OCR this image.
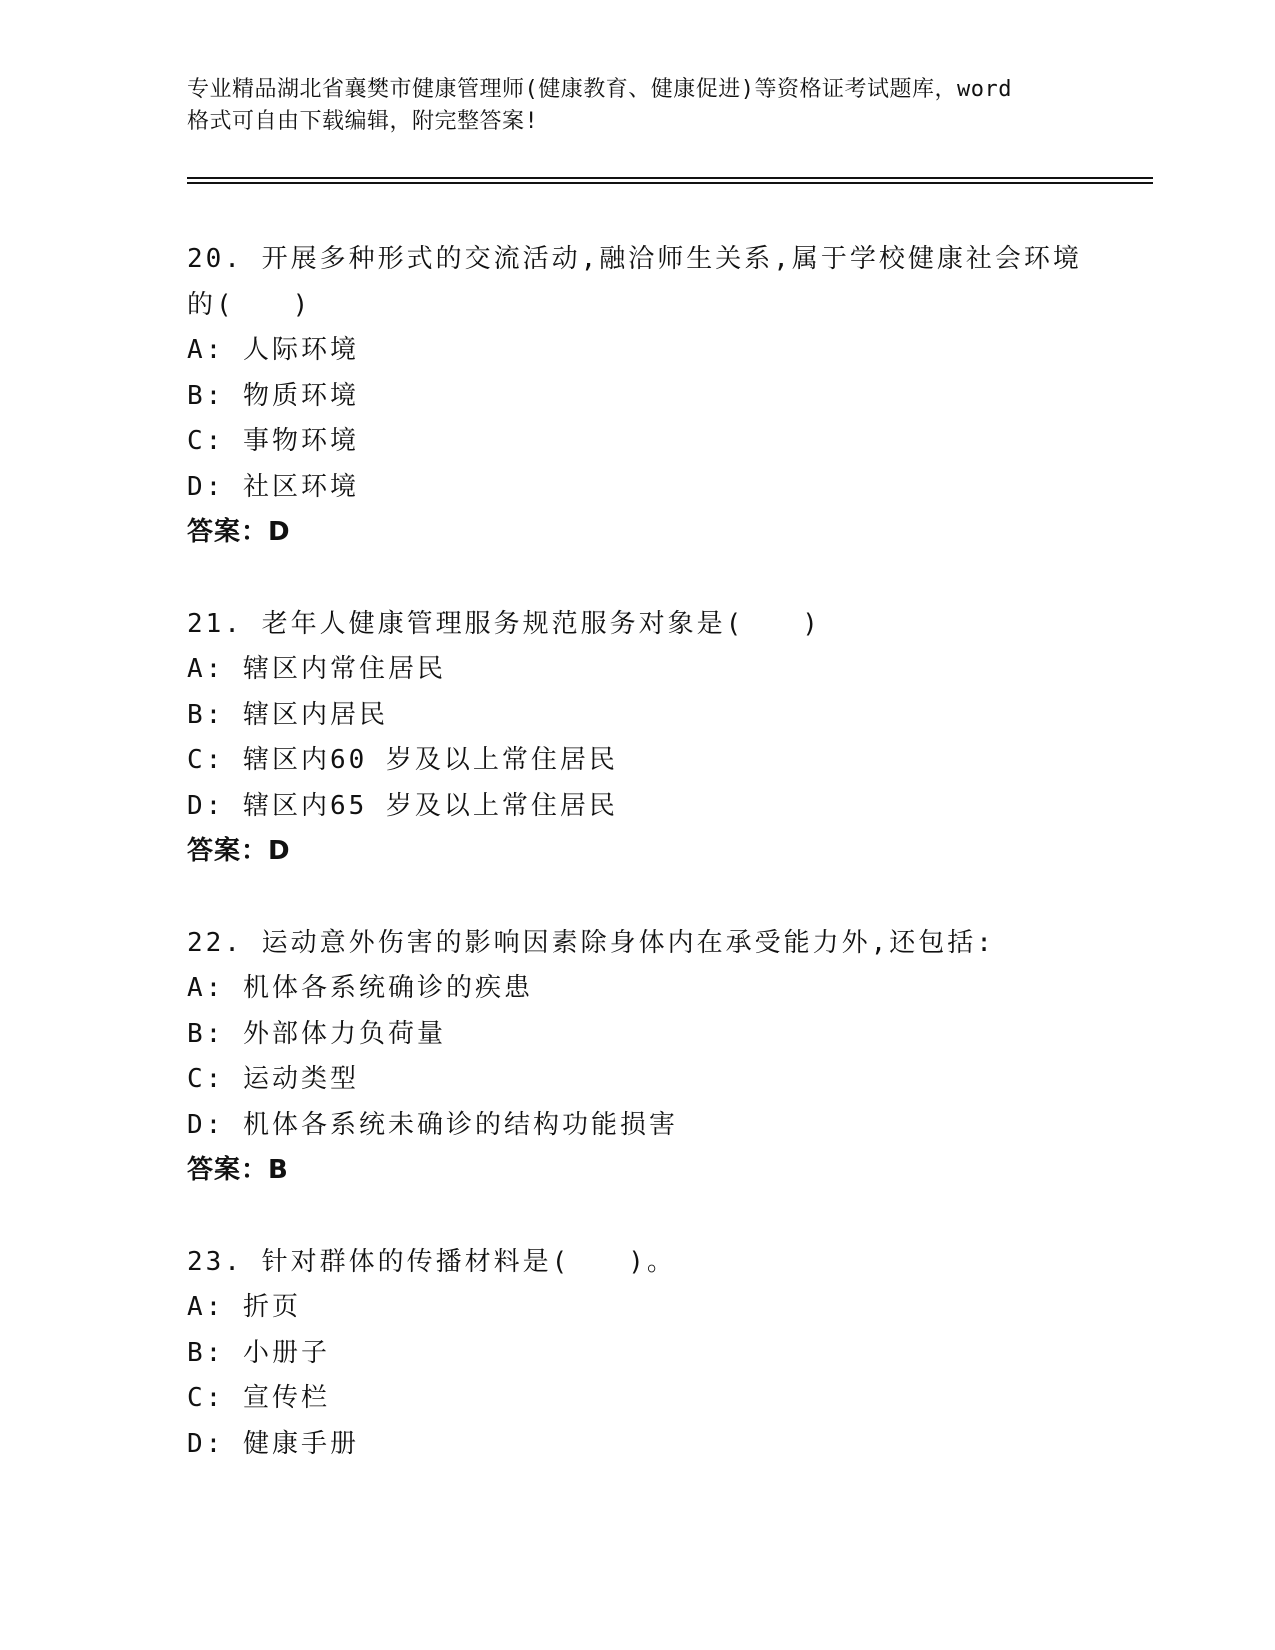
专业精品湖北省襄樊市健康管理师(健康教育、健康促进)等资格证考试题库，word
格式可自由下载编辑，附完整答案!
20. 开展多种形式的交流活动,融洽师生关系,属于学校健康社会环境
的(　　)
A: 人际环境
B: 物质环境
C: 事物环境
D: 社区环境
答案：D
21. 老年人健康管理服务规范服务对象是(　　)
A: 辖区内常住居民
B: 辖区内居民
C: 辖区内60 岁及以上常住居民
D: 辖区内65 岁及以上常住居民
答案：D
22. 运动意外伤害的影响因素除身体内在承受能力外,还包括:
A: 机体各系统确诊的疾患
B: 外部体力负荷量
C: 运动类型
D: 机体各系统未确诊的结构功能损害
答案：B
23. 针对群体的传播材料是(　　)。
A: 折页
B: 小册子
C: 宣传栏
D: 健康手册
